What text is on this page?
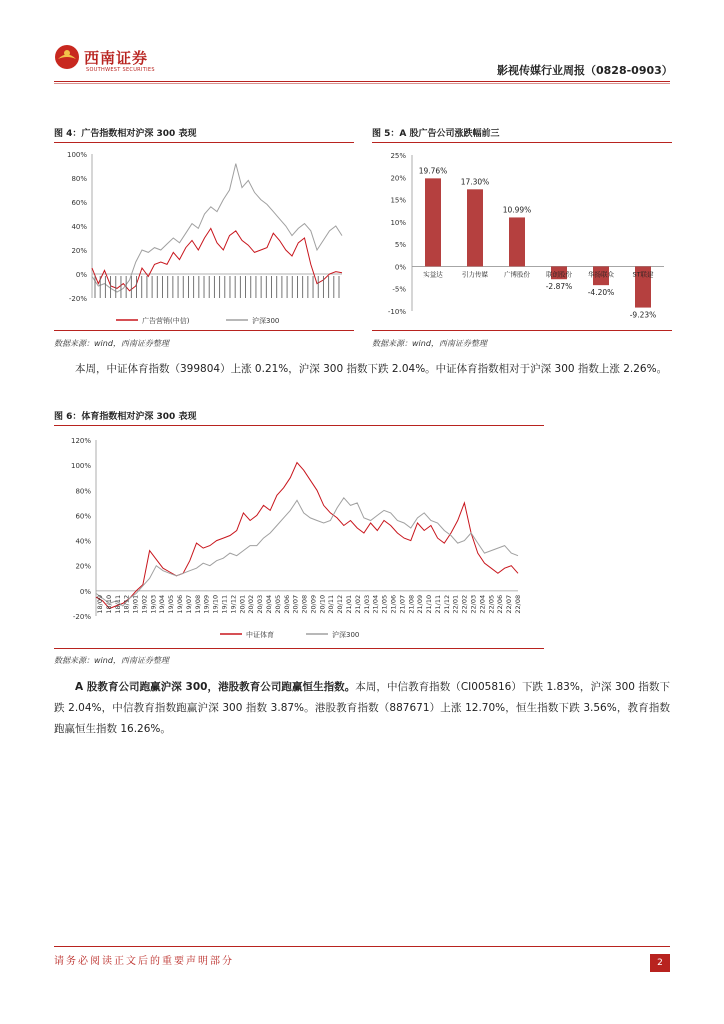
西南证券
SOUTHWEST SECURITIES	影视传媒行业周报（0828-0903）
图 4：广告指数相对沪深 300 表现
100%
80%
60%
40%
20%
0%
-20%
广告营销(中信)	沪深300
数据来源：wind，西南证券整理
图 5：A 股广告公司涨跌幅前三
25%
20%
15%
10%
5%
0%
-5%
-10%
19.76%
实益达
17.30%
引力传媒
10.99%
广博股份
-2.87%
联创股份
-4.20%
华扬联众
-9.23%
ST联建
数据来源：wind，西南证券整理
本周，中证体育指数（399804）上涨 0.21%，沪深 300 指数下跌 2.04%。中证体育指数相对于沪深 300 指数上涨 2.26%。
图 6：体育指数相对沪深 300 表现
120%
100%
80%
60%
40%
20%
0%
-20%
18/09 18/10 18/11 18/12 19/01 19/02 19/03 19/04 19/05 19/06 19/07 19/08 19/09 19/10 19/11 19/12 20/01 20/02 20/03 20/04 20/05 20/06 20/07 20/08 20/09 20/10 20/11 20/12 21/01 21/02 21/03 21/04 21/05 21/06 21/07 21/08 21/09 21/10 21/11 21/12 22/01 22/02 22/03 22/04 22/05 22/06 22/07 22/08
中证体育	沪深300
数据来源：wind，西南证券整理
A 股教育公司跑赢沪深 300，港股教育公司跑赢恒生指数。本周，中信教育指数（CI005816）下跌 1.83%，沪深 300 指数下跌 2.04%，中信教育指数跑赢沪深 300 指数 3.87%。港股教育指数（887671）上涨 12.70%，恒生指数下跌 3.56%，教育指数跑赢恒生指数 16.26%。
请务必阅读正文后的重要声明部分	2
